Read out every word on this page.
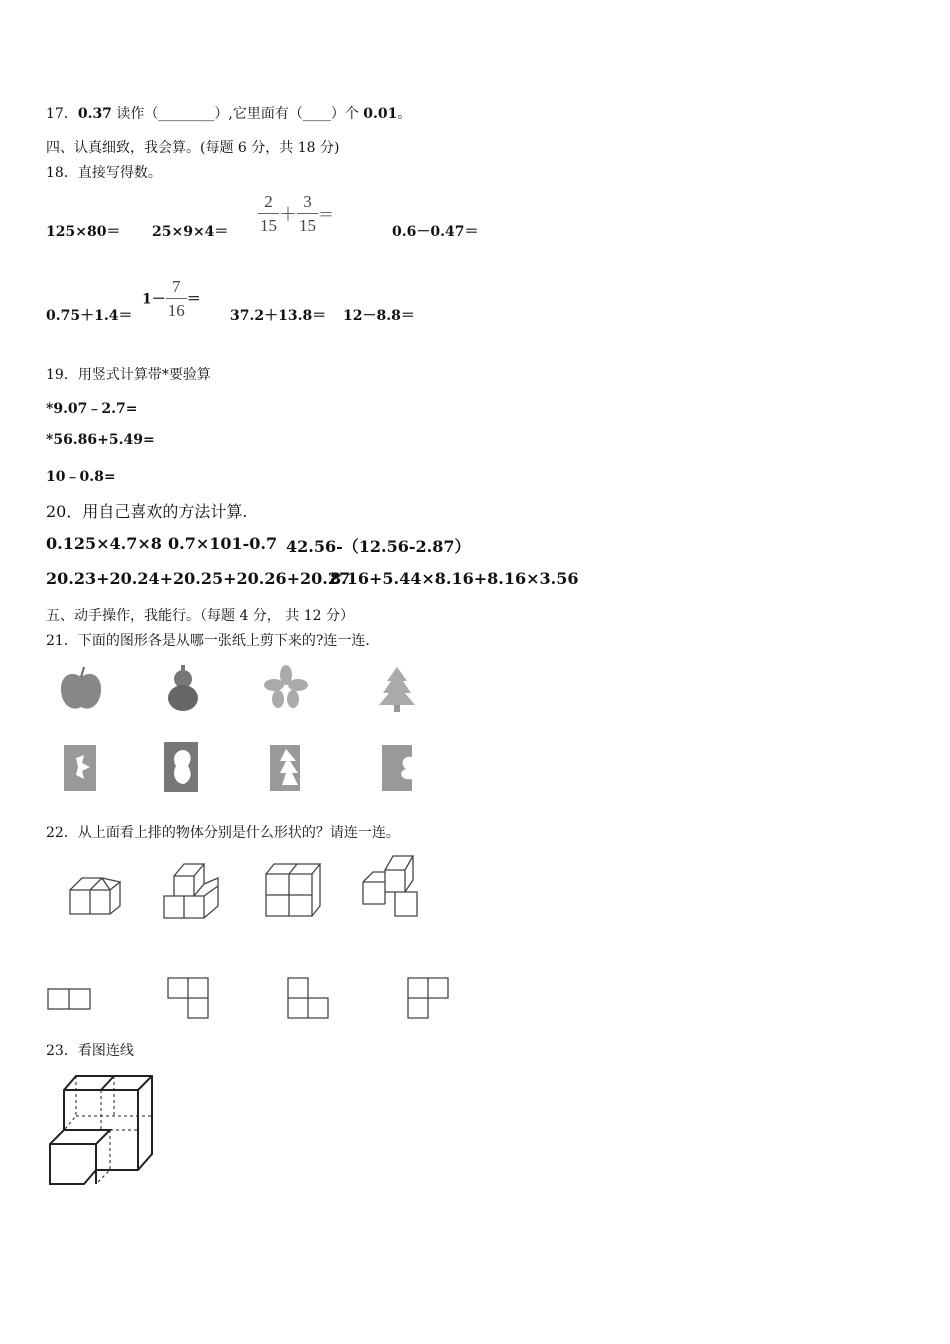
17．0.37 读作（________）,它里面有（____）个 0.01。
四、认真细致，我会算。(每题 6 分，共 18 分)
18．直接写得数。
$125\times 80= 25\times 9\times 4= \frac{2}{15} + \frac{3}{15}$ ＝
0.6－0.47＝
0.75＋1.4＝
$1- \frac{7}{16}$ ＝
37.2＋13.8＝ 12－8.8＝
19．用竖式计算带*要验算
*9.07﹣2.7=
*56.86+5.49=
10﹣0.8=
20．用自己喜欢的方法计算.
0.125×4.7×8 0.7×101-0.7 42.56-（12.56-2.87）
20.23+20.24+20.25+20.26+20.27
8.16+5.44×8.16+8.16×3.56
五、动手操作，我能行。（每题 4 分， 共 12 分）
21．下面的图形各是从哪一张纸上剪下来的?连一连.
22．从上面看上排的物体分别是什么形状的？请连一连。
23．看图连线
